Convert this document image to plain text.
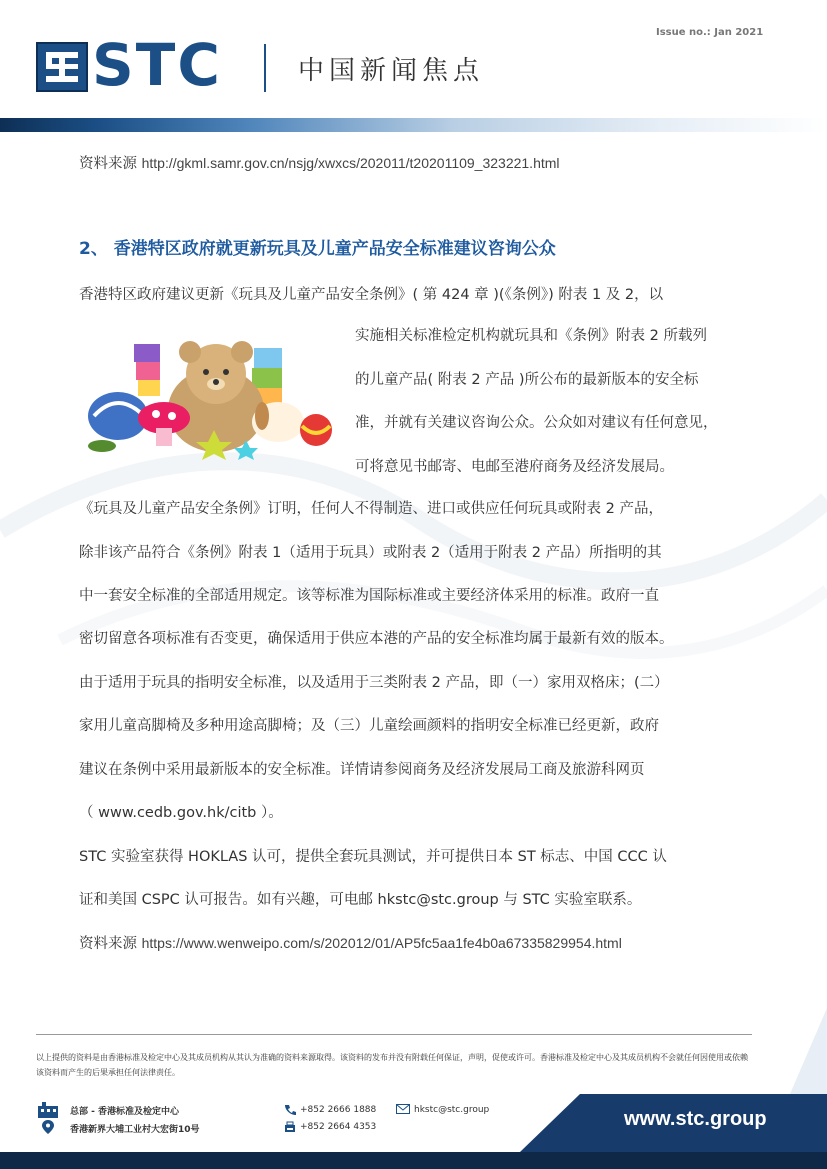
STC	中国新闻焦点
Issue no.: Jan 2021
资料来源 http://gkml.samr.gov.cn/nsjg/xwxcs/202011/t20201109_323221.html
2、 香港特区政府就更新玩具及儿童产品安全标准建议咨询公众
香港特区政府建议更新《玩具及儿童产品安全条例》( 第 424 章 )(《条例》) 附表 1 及 2，以
实施相关标准检定机构就玩具和《条例》附表 2 所载列
的儿童产品( 附表 2 产品 )所公布的最新版本的安全标
准，并就有关建议咨询公众。公众如对建议有任何意见，
可将意见书邮寄、电邮至港府商务及经济发展局。
《玩具及儿童产品安全条例》订明，任何人不得制造、进口或供应任何玩具或附表 2 产品，
除非该产品符合《条例》附表 1（适用于玩具）或附表 2（适用于附表 2 产品）所指明的其
中一套安全标准的全部适用规定。该等标准为国际标准或主要经济体采用的标准。政府一直
密切留意各项标准有否变更，确保适用于供应本港的产品的安全标准均属于最新有效的版本。
由于适用于玩具的指明安全标准，以及适用于三类附表 2 产品，即（一）家用双格床；(二）
家用儿童高脚椅及多种用途高脚椅；及（三）儿童绘画颜料的指明安全标准已经更新，政府
建议在条例中采用最新版本的安全标准。详情请参阅商务及经济发展局工商及旅游科网页
（ www.cedb.gov.hk/citb ）。
STC 实验室获得 HOKLAS 认可，提供全套玩具测试，并可提供日本 ST 标志、中国 CCC 认
证和美国 CSPC 认可报告。如有兴趣，可电邮 hkstc@stc.group 与 STC 实验室联系。
资料来源 https://www.wenweipo.com/s/202012/01/AP5fc5aa1fe4b0a67335829954.html
以上提供的资料是由香港标准及检定中心及其成员机构从其认为准确的资料来源取得。该资料的发布并没有附载任何保证，声明，促使或许可。香港标准及检定中心及其成员机构不会就任何因使用或依赖该资料而产生的后果承担任何法律责任。
www.stc.group
总部 - 香港标准及检定中心
香港新界大埔工业村大宏街10号
+852 2666 1888
+852 2664 4353
hkstc@stc.group
